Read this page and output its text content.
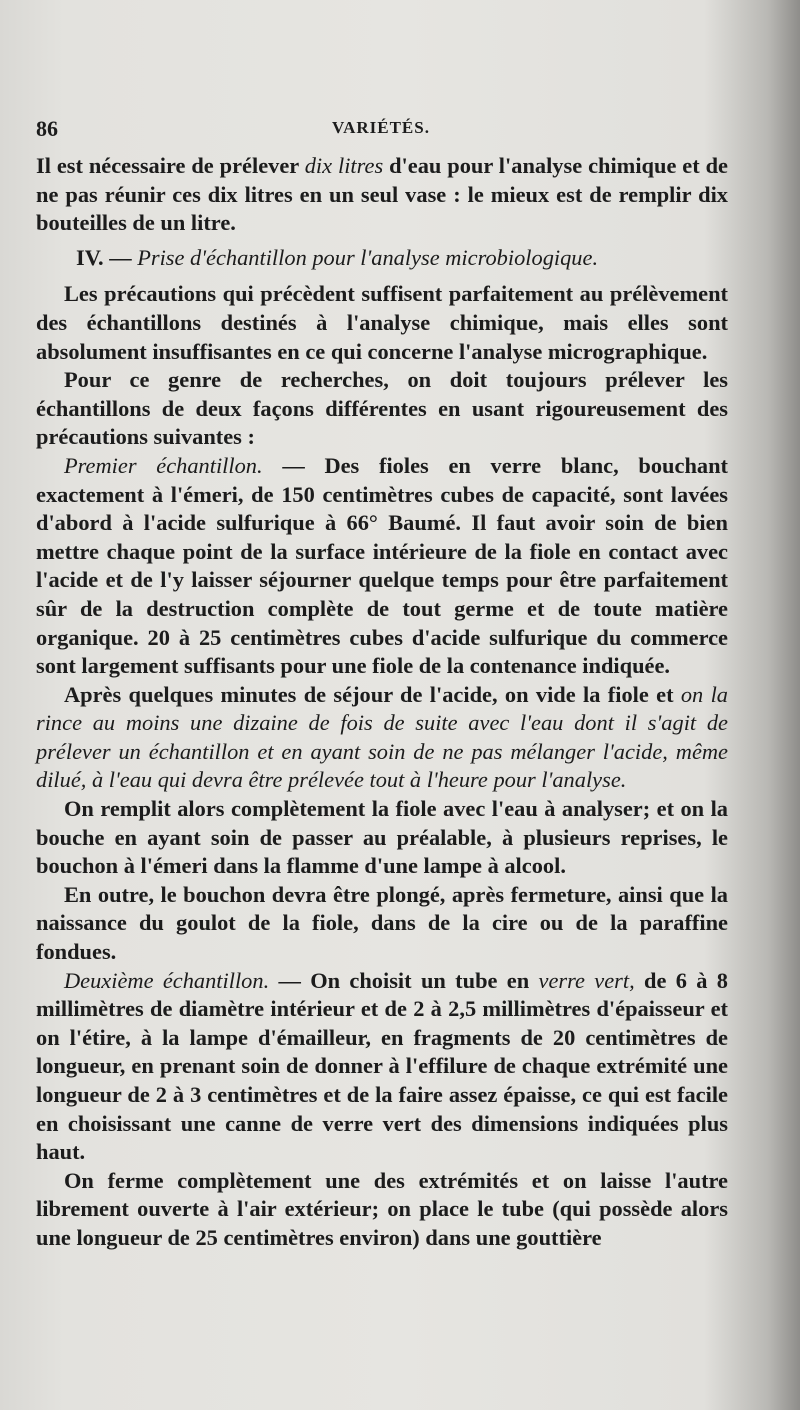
86	VARIÉTÉS.

Il est nécessaire de prélever dix litres d'eau pour l'analyse chimique et de ne pas réunir ces dix litres en un seul vase : le mieux est de remplir dix bouteilles de un litre.

IV. — Prise d'échantillon pour l'analyse microbiologique.

Les précautions qui précèdent suffisent parfaitement au prélèvement des échantillons destinés à l'analyse chimique, mais elles sont absolument insuffisantes en ce qui concerne l'analyse micrographique.

Pour ce genre de recherches, on doit toujours prélever les échantillons de deux façons différentes en usant rigoureusement des précautions suivantes :

Premier échantillon. — Des fioles en verre blanc, bouchant exactement à l'émeri, de 150 centimètres cubes de capacité, sont lavées d'abord à l'acide sulfurique à 66° Baumé. Il faut avoir soin de bien mettre chaque point de la surface intérieure de la fiole en contact avec l'acide et de l'y laisser séjourner quelque temps pour être parfaitement sûr de la destruction complète de tout germe et de toute matière organique. 20 à 25 centimètres cubes d'acide sulfurique du commerce sont largement suffisants pour une fiole de la contenance indiquée.

Après quelques minutes de séjour de l'acide, on vide la fiole et on la rince au moins une dizaine de fois de suite avec l'eau dont il s'agit de prélever un échantillon et en ayant soin de ne pas mélanger l'acide, même dilué, à l'eau qui devra être prélevée tout à l'heure pour l'analyse.

On remplit alors complètement la fiole avec l'eau à analyser; et on la bouche en ayant soin de passer au préalable, à plusieurs reprises, le bouchon à l'émeri dans la flamme d'une lampe à alcool.

En outre, le bouchon devra être plongé, après fermeture, ainsi que la naissance du goulot de la fiole, dans de la cire ou de la paraffine fondues.

Deuxième échantillon. — On choisit un tube en verre vert, de 6 à 8 millimètres de diamètre intérieur et de 2 à 2,5 millimètres d'épaisseur et on l'étire, à la lampe d'émailleur, en fragments de 20 centimètres de longueur, en prenant soin de donner à l'effilure de chaque extrémité une longueur de 2 à 3 centimètres et de la faire assez épaisse, ce qui est facile en choisissant une canne de verre vert des dimensions indiquées plus haut.

On ferme complètement une des extrémités et on laisse l'autre librement ouverte à l'air extérieur; on place le tube (qui possède alors une longueur de 25 centimètres environ) dans une gouttière
